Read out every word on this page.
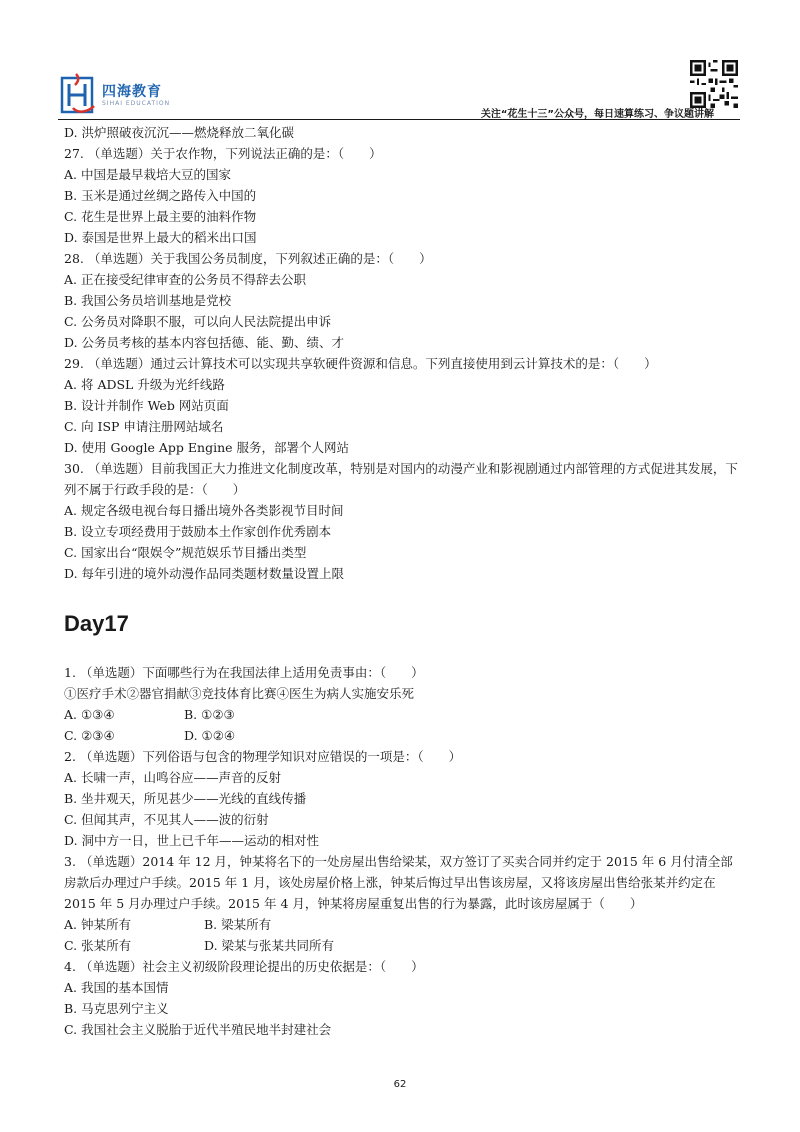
四海教育
SIHAI EDUCATION
关注“花生十三”公众号，每日速算练习、争议题讲解
D. 洪炉照破夜沉沉——燃烧释放二氧化碳
27. （单选题）关于农作物，下列说法正确的是：（　　）
A. 中国是最早栽培大豆的国家
B. 玉米是通过丝绸之路传入中国的
C. 花生是世界上最主要的油料作物
D. 泰国是世界上最大的稻米出口国
28. （单选题）关于我国公务员制度，下列叙述正确的是：（　　）
A. 正在接受纪律审查的公务员不得辞去公职
B. 我国公务员培训基地是党校
C. 公务员对降职不服，可以向人民法院提出申诉
D. 公务员考核的基本内容包括德、能、勤、绩、才
29. （单选题）通过云计算技术可以实现共享软硬件资源和信息。下列直接使用到云计算技术的是：（　　）
A. 将 ADSL 升级为光纤线路
B. 设计并制作 Web 网站页面
C. 向 ISP 申请注册网站域名
D. 使用 Google App Engine 服务，部署个人网站
30. （单选题）目前我国正大力推进文化制度改革，特别是对国内的动漫产业和影视剧通过内部管理的方式促进其发展，下列不属于行政手段的是：（　　）
A. 规定各级电视台每日播出境外各类影视节目时间
B. 设立专项经费用于鼓励本土作家创作优秀剧本
C. 国家出台“限娱令”规范娱乐节目播出类型
D. 每年引进的境外动漫作品同类题材数量设置上限
Day17
1. （单选题）下面哪些行为在我国法律上适用免责事由：（　　）
①医疗手术②器官捐献③竞技体育比赛④医生为病人实施安乐死
A. ①③④	B. ①②③
C. ②③④	D. ①②④
2. （单选题）下列俗语与包含的物理学知识对应错误的一项是：（　　）
A. 长啸一声，山鸣谷应——声音的反射
B. 坐井观天，所见甚少——光线的直线传播
C. 但闻其声，不见其人——波的衍射
D. 洞中方一日，世上已千年——运动的相对性
3. （单选题）2014 年 12 月，钟某将名下的一处房屋出售给梁某，双方签订了买卖合同并约定于 2015 年 6 月付清全部房款后办理过户手续。2015 年 1 月，该处房屋价格上涨，钟某后悔过早出售该房屋，又将该房屋出售给张某并约定在 2015 年 5 月办理过户手续。2015 年 4 月，钟某将房屋重复出售的行为暴露，此时该房屋属于（　　）
A. 钟某所有	B. 梁某所有
C. 张某所有	D. 梁某与张某共同所有
4. （单选题）社会主义初级阶段理论提出的历史依据是：（　　）
A. 我国的基本国情
B. 马克思列宁主义
C. 我国社会主义脱胎于近代半殖民地半封建社会
62
